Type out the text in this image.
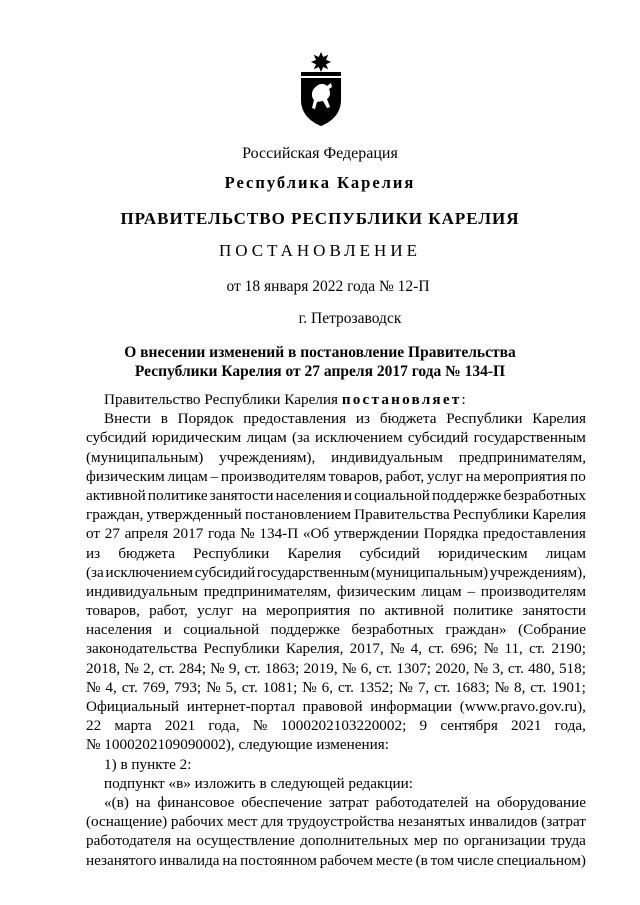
Российская Федерация
Республика Карелия
ПРАВИТЕЛЬСТВО РЕСПУБЛИКИ КАРЕЛИЯ
ПОСТАНОВЛЕНИЕ
от 18 января 2022 года № 12-П
г. Петрозаводск
О внесении изменений в постановление Правительства
Республики Карелия от 27 апреля 2017 года № 134-П
Правительство Республики Карелия постановляет :
Внести в Порядок предоставления из бюджета Республики Карелия
субсидий юридическим лицам (за исключением субсидий государственным
(муниципальным) учреждениям), индивидуальным предпринимателям,
физическим лицам – производителям товаров, работ, услуг на мероприятия по
активной политике занятости населения и социальной поддержке безработных
граждан, утвержденный постановлением Правительства Республики Карелия
от 27 апреля 2017 года № 134-П «Об утверждении Порядка предоставления
из бюджета Республики Карелия субсидий юридическим лицам
(за исключением субсидий государственным (муниципальным) учреждениям),
индивидуальным предпринимателям, физическим лицам – производителям
товаров, работ, услуг на мероприятия по активной политике занятости
населения и социальной поддержке безработных граждан» (Собрание
законодательства Республики Карелия, 2017, № 4, ст. 696; № 11, ст. 2190;
2018, № 2, ст. 284; № 9, ст. 1863; 2019, № 6, ст. 1307; 2020, № 3, ст. 480, 518;
№ 4, ст. 769, 793; № 5, ст. 1081; № 6, ст. 1352; № 7, ст. 1683; № 8, ст. 1901;
Официальный интернет-портал правовой информации (www.pravo.gov.ru),
22 марта 2021 года, № 1000202103220002; 9 сентября 2021 года,
№ 1000202109090002), следующие изменения:
1) в пункте 2:
подпункт «в» изложить в следующей редакции:
«(в) на финансовое обеспечение затрат работодателей на оборудование
(оснащение) рабочих мест для трудоустройства незанятых инвалидов (затрат
работодателя на осуществление дополнительных мер по организации труда
незанятого инвалида на постоянном рабочем месте (в том числе специальном)
